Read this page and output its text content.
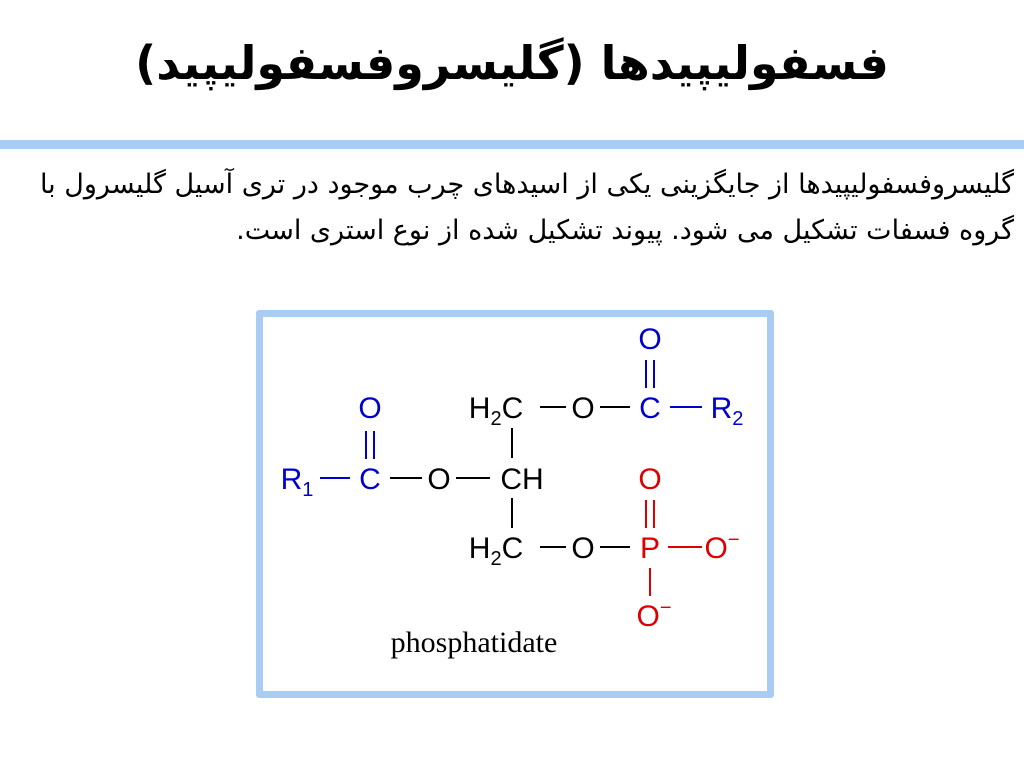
فسفولیپیدها (گلیسروفسفولیپید)

گلیسروفسفولیپیدها از جایگزینی یکی از اسیدهای چرب موجود در تری آسیل گلیسرول با گروه فسفات تشکیل می شود. پیوند تشکیل شده از نوع استری است.

O
$H_2C$ O C $R_2$
O
$R_1$ C O CH	O
$H_2C$ O P O−
O−
phosphatidate
